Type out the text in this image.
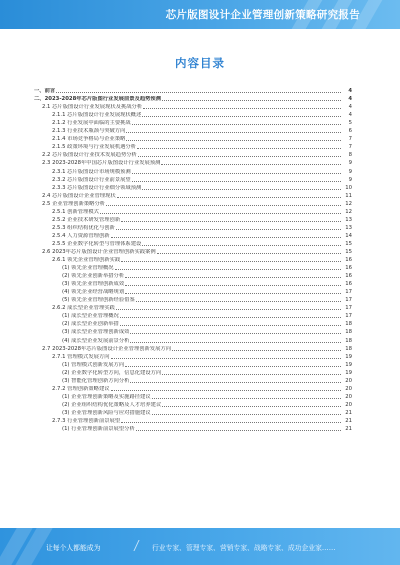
芯片版图设计企业管理创新策略研究报告
内容目录
一、前言	4
二、2023-2028年芯片版图行业发展前景及趋势预测	4
2.1 芯片版图设计行业发展现状及挑战分析	4
2.1.1 芯片版图设计行业发展现状概述	4
2.1.2 行业发展中面临的主要挑战	5
2.1.3 行业技术瓶颈与突破方向	6
2.1.4 市场竞争格局与企业策略	7
2.1.5 政策环境与行业发展机遇分析	7
2.2 芯片版图设计行业技术发展趋势分析	8
2.3 2023-2028年中国芯片版图设计行业发展预测	9
2.3.1 芯片版图设计市场规模预测	9
2.3.2 芯片版图设计行业前景展望	9
2.3.3 芯片版图设计行业细分领域预测	10
2.4 芯片版图设计企业管理现状	11
2.5 企业管理创新策略分析	12
2.5.1 创新管理模式	12
2.5.2 企业技术研发管理创新	13
2.5.3 组织结构优化与创新	13
2.5.4 人力资源管理创新	14
2.5.5 企业数字化转型与管理体系建设	15
2.6 2023年芯片版图设计企业管理创新实践案例	15
2.6.1 领先企业管理创新实践	16
(1) 领先企业管理概况	16
(2) 领先企业创新举措分析	16
(3) 领先企业管理创新成效	16
(4) 领先企业经营战略规划	17
(5) 领先企业管理创新经验借鉴	17
2.6.2 成长型企业管理实践	17
(1) 成长型企业管理概况	17
(2) 成长型企业创新举措	18
(3) 成长型企业管理创新成效	18
(4) 成长型企业发展前景分析	18
2.7 2023-2028年芯片版图设计企业管理创新发展方向	18
2.7.1 管理模式发展方向	19
(1) 管理模式创新发展方向	19
(2) 企业数字化转型方向，信息化建设方向	19
(3) 智能化管理创新方向分析	20
2.7.2 管理创新策略建议	20
(1) 企业管理创新策略及实施路径建议	20
(2) 企业组织结构优化策略及人才培养建议	20
(3) 企业管理创新风险与应对措施建议	21
2.7.3 行业管理创新前景展望	21
(1) 行业管理创新前景展望分析	21
让每个人都能成为	行业专家、管理专家、营销专家、战略专家、成功企业家……
